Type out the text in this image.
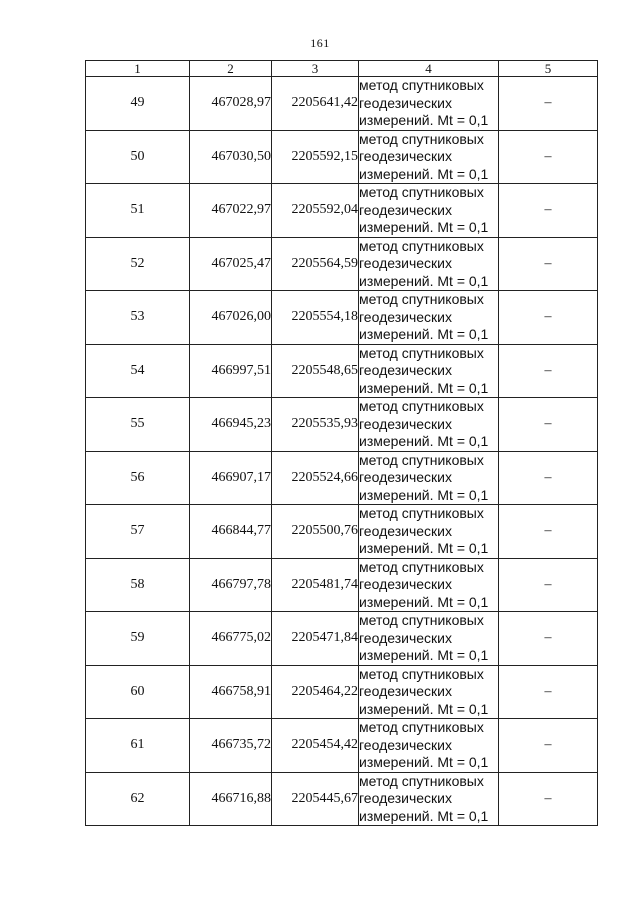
161
1	2	3	4	5
49	467028,97	2205641,42	метод спутниковых
геодезических
измерений. Mt = 0,1	–
50	467030,50	2205592,15	метод спутниковых
геодезических
измерений. Mt = 0,1	–
51	467022,97	2205592,04	метод спутниковых
геодезических
измерений. Mt = 0,1	–
52	467025,47	2205564,59	метод спутниковых
геодезических
измерений. Mt = 0,1	–
53	467026,00	2205554,18	метод спутниковых
геодезических
измерений. Mt = 0,1	–
54	466997,51	2205548,65	метод спутниковых
геодезических
измерений. Mt = 0,1	–
55	466945,23	2205535,93	метод спутниковых
геодезических
измерений. Mt = 0,1	–
56	466907,17	2205524,66	метод спутниковых
геодезических
измерений. Mt = 0,1	–
57	466844,77	2205500,76	метод спутниковых
геодезических
измерений. Mt = 0,1	–
58	466797,78	2205481,74	метод спутниковых
геодезических
измерений. Mt = 0,1	–
59	466775,02	2205471,84	метод спутниковых
геодезических
измерений. Mt = 0,1	–
60	466758,91	2205464,22	метод спутниковых
геодезических
измерений. Mt = 0,1	–
61	466735,72	2205454,42	метод спутниковых
геодезических
измерений. Mt = 0,1	–
62	466716,88	2205445,67	метод спутниковых
геодезических
измерений. Mt = 0,1	–
